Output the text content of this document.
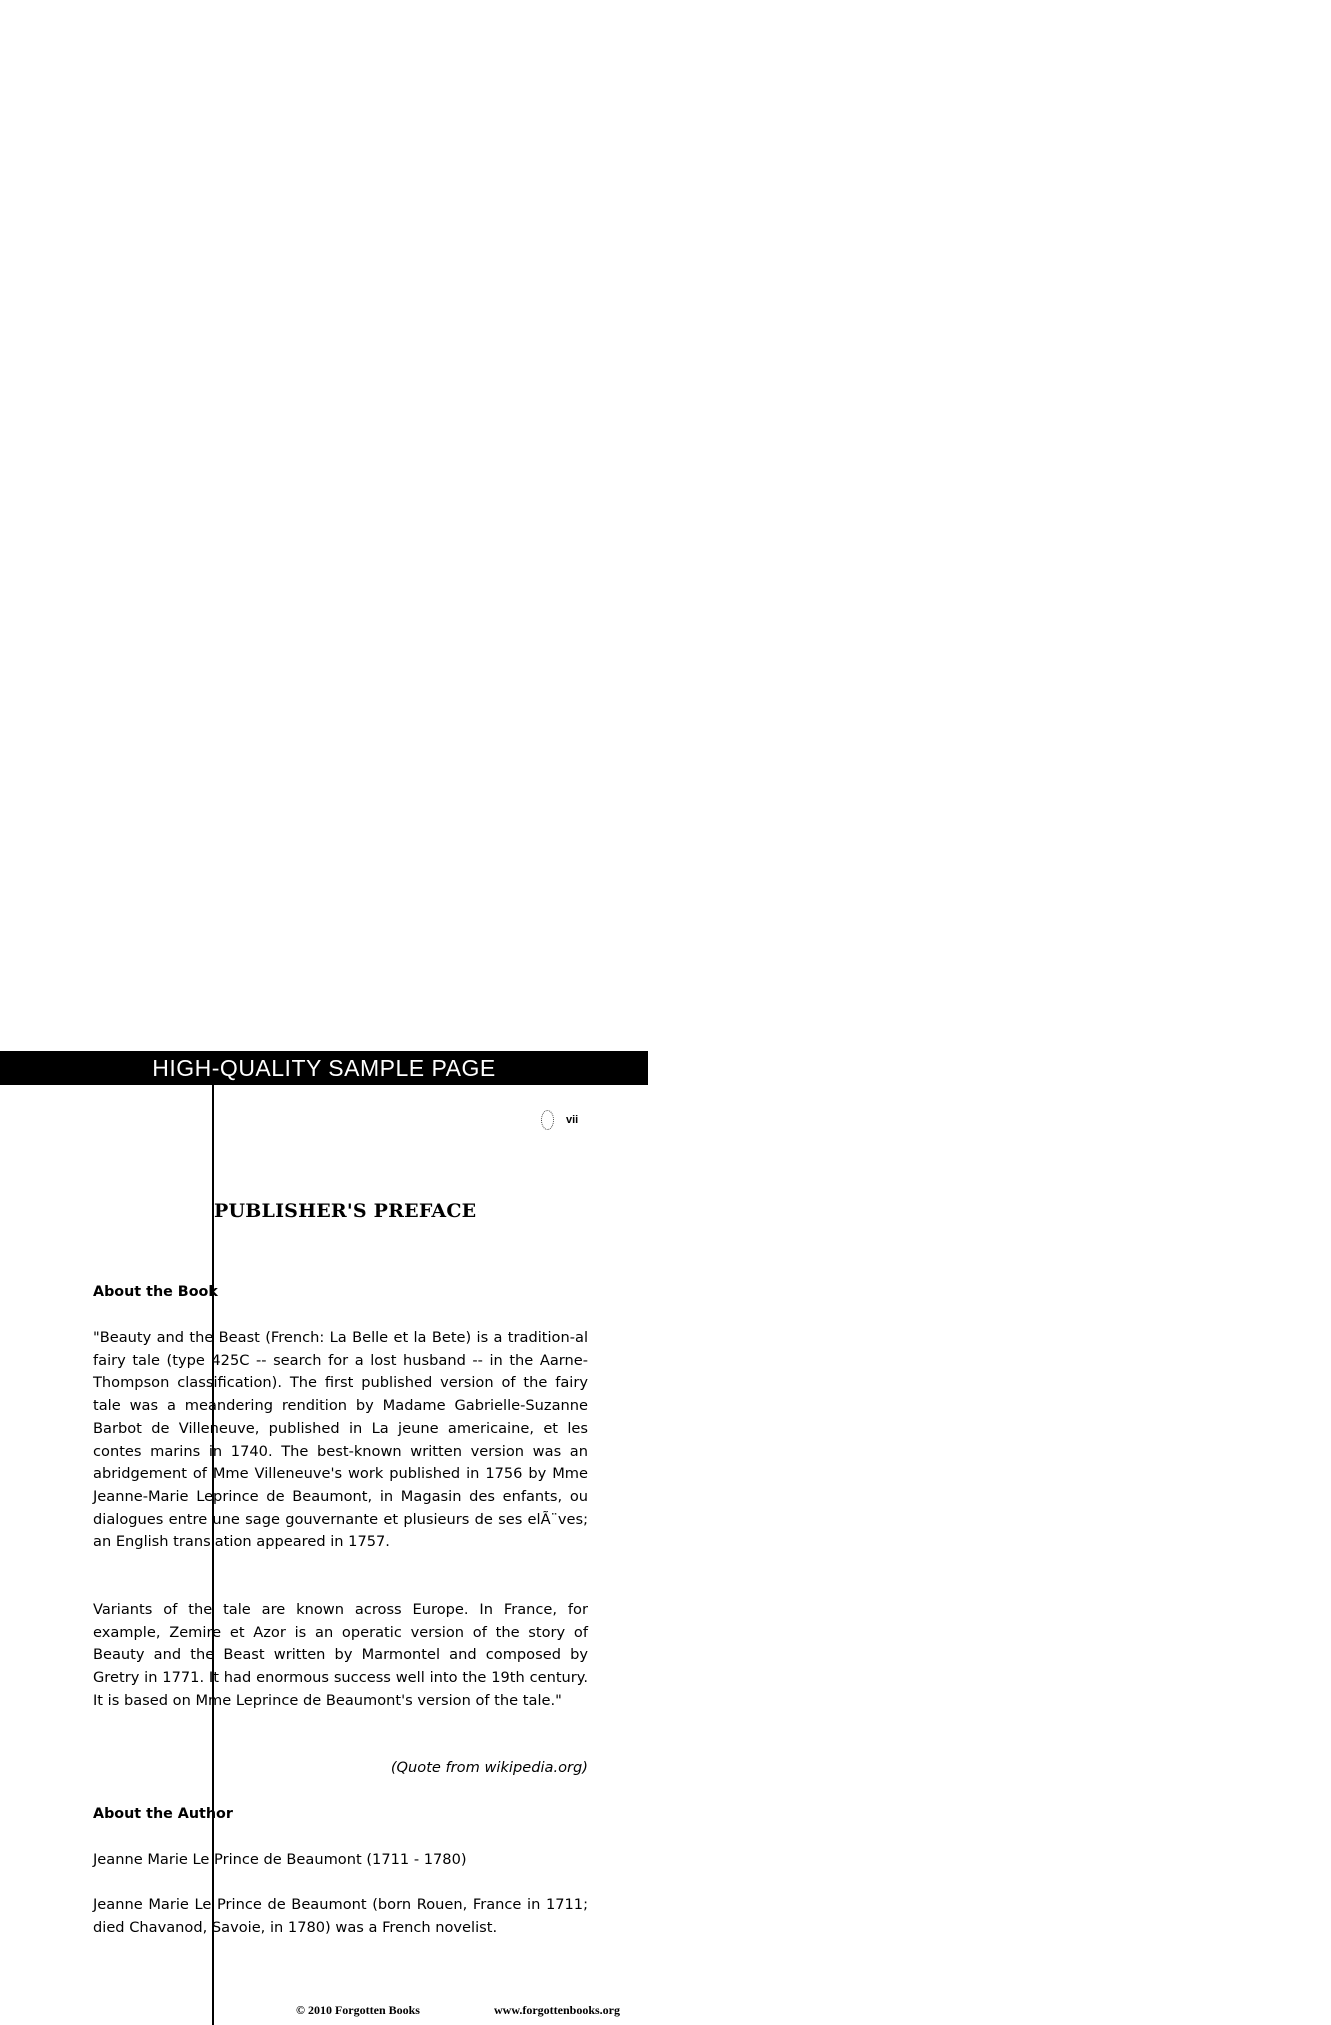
HIGH-QUALITY SAMPLE PAGE
vii
PUBLISHER'S PREFACE
About the Book
"Beauty and the Beast (French: La Belle et la Bete) is a tradition-al fairy tale (type 425C -- search for a lost husband -- in the Aarne-Thompson classification). The first published version of the fairy tale was a meandering rendition by Madame Gabrielle-Suzanne Barbot de Villeneuve, published in La jeune americaine, et les contes marins in 1740. The best-known written version was an abridgement of Mme Villeneuve's work published in 1756 by Mme Jeanne-Marie Leprince de Beaumont, in Magasin des enfants, ou dialogues entre une sage gouvernante et plusieurs de ses elÃ¨ves; an English translation appeared in 1757.
Variants of the tale are known across Europe. In France, for example, Zemire et Azor is an operatic version of the story of Beauty and the Beast written by Marmontel and composed by Gretry in 1771. It had enormous success well into the 19th century. It is based on Mme Leprince de Beaumont's version of the tale."
(Quote from wikipedia.org)
About the Author
Jeanne Marie Le Prince de Beaumont (1711 - 1780)
Jeanne Marie Le Prince de Beaumont (born Rouen, France in 1711; died Chavanod, Savoie, in 1780) was a French novelist.
© 2010 Forgotten Books	www.forgottenbooks.org
